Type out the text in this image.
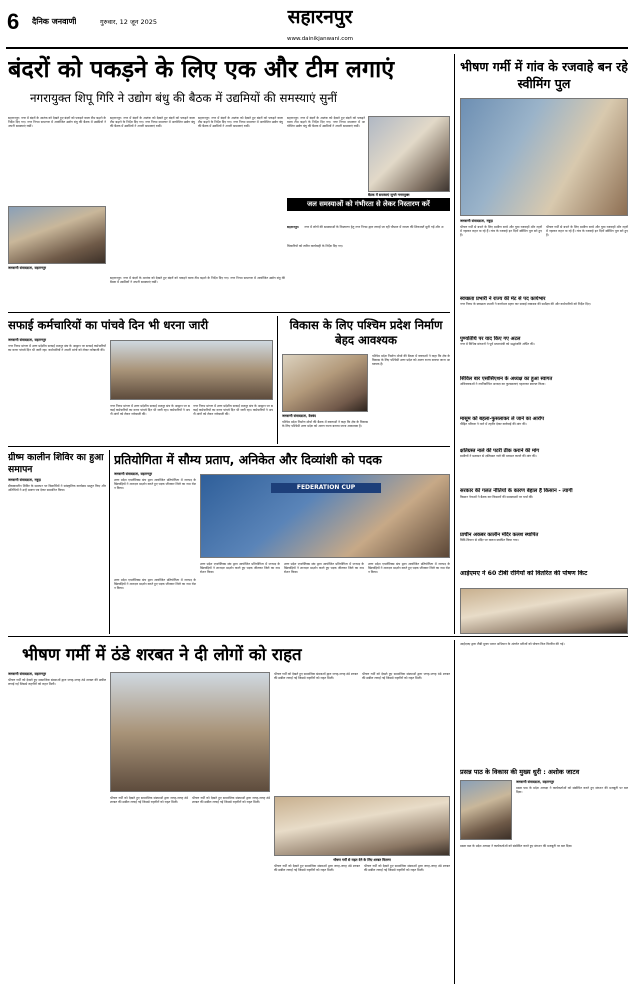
6 दैनिक जनवाणी	गुरुवार, 12 जून 2025	सहारनपुर
www.dainikjanwani.com
बंदरों को पकड़ने के लिए एक और टीम लगाएं
नगरायुक्त शिपू गिरि ने उद्योग बंधु की बैठक में उद्यमियों की समस्याएं सुनीं
सहारनपुर: नगर में बंदरों के आतंक को देखते हुए बंदरों को पकड़ने वाला टीम बढ़ाने के निर्देश दिए गए। नगर निगम सभागार में आयोजित उद्योग बंधु की बैठक में उद्यमियों ने अपनी समस्याएं रखीं।
जनवाणी संवाददाता, सहारनपुर
सहारनपुर: नगर में बंदरों के आतंक को देखते हुए बंदरों को पकड़ने वाला टीम बढ़ाने के निर्देश दिए गए। नगर निगम सभागार में आयोजित उद्योग बंधु की बैठक में उद्यमियों ने अपनी समस्याएं रखीं।
सहारनपुर: नगर में बंदरों के आतंक को देखते हुए बंदरों को पकड़ने वाला टीम बढ़ाने के निर्देश दिए गए। नगर निगम सभागार में आयोजित उद्योग बंधु की बैठक में उद्यमियों ने अपनी समस्याएं रखीं।
सहारनपुर: नगर में बंदरों के आतंक को देखते हुए बंदरों को पकड़ने वाला टीम बढ़ाने के निर्देश दिए गए। नगर निगम सभागार में आयोजित उद्योग बंधु की बैठक में उद्यमियों ने अपनी समस्याएं रखीं।
बैठक में समस्याएं सुनते नगरायुक्त
जल समस्याओं को गंभीरता से लेकर निस्तारण करें
सहारनपुर: नगर में लोगों की समस्याओं के निस्तारण हेतु नगर निगम द्वारा लगाई जा रही चौपाल में जनता की शिकायतें सुनी गईं और अधिकारियों को त्वरित कार्यवाही के निर्देश दिए गए।
सहारनपुर: नगर में बंदरों के आतंक को देखते हुए बंदरों को पकड़ने वाला टीम बढ़ाने के निर्देश दिए गए। नगर निगम सभागार में आयोजित उद्योग बंधु की बैठक में उद्यमियों ने अपनी समस्याएं रखीं।
भीषण गर्मी में गांव के रजवाहे बन रहे स्वीमिंग पुल
जनवाणी संवाददाता, नकुड़
भीषण गर्मी से बचने के लिए ग्रामीण बच्चे और युवा रजवाहों और नहरों में नहाकर राहत पा रहे हैं। गांव के रजवाहे इन दिनों स्वीमिंग पूल बने हुए हैं।
भीषण गर्मी से बचने के लिए ग्रामीण बच्चे और युवा रजवाहों और नहरों में नहाकर राहत पा रहे हैं। गांव के रजवाहे इन दिनों स्वीमिंग पूल बने हुए हैं।
स्वच्छता प्रभारी ने राज्य की मेट से पद कार्यभार
नगर निगम के स्वच्छता प्रभारी ने कार्यभार ग्रहण कर सफाई व्यवस्था की समीक्षा की और कर्मचारियों को निर्देश दिए।
पुण्यतिथि पर याद किए गए अटल
नगर में विभिन्न संगठनों ने पूर्व प्रधानमंत्री को श्रद्धांजलि अर्पित की।
सिविल बार एसोसिएशन के अध्यक्ष का हुआ स्वागत
अधिवक्ताओं ने नवनिर्वाचित अध्यक्ष का फूलमालाएं पहनाकर स्वागत किया।
मासूम को बहला-फुसलाकर ले जाने का आरोप
पीड़ित परिवार ने थाने में तहरीर देकर कार्रवाई की मांग की।
क्षतिग्रस्त नाले की पटरी ठीक कराने की मांग
ग्रामीणों ने प्रशासन से क्षतिग्रस्त नाले की मरम्मत कराने की मांग की।
सरकार की गलत नीतियों के कारण बेहाल हैं किसान - त्यागी
किसान नेताओं ने बैठक कर किसानों की समस्याओं पर चर्चा की।
प्राचीन अकबर कालीन मंदिर कलश स्थापित
विधि-विधान से मंदिर पर कलश स्थापित किया गया।
आईएमए ने 60 टीबी रोगियों को वितरित की पोषण किट
सफाई कर्मचारियों का पांचवे दिन भी धरना जारी
जनवाणी संवाददाता, सहारनपुर
नगर निगम प्रांगण में उत्तर प्रदेशीय सफाई मजदूर संघ के आह्वान पर सफाई कर्मचारियों का धरना पांचवे दिन भी जारी रहा। कर्मचारियों ने अपनी मांगों को लेकर नारेबाजी की।
नगर निगम प्रांगण में उत्तर प्रदेशीय सफाई मजदूर संघ के आह्वान पर सफाई कर्मचारियों का धरना पांचवे दिन भी जारी रहा। कर्मचारियों ने अपनी मांगों को लेकर नारेबाजी की।
नगर निगम प्रांगण में उत्तर प्रदेशीय सफाई मजदूर संघ के आह्वान पर सफाई कर्मचारियों का धरना पांचवे दिन भी जारी रहा। कर्मचारियों ने अपनी मांगों को लेकर नारेबाजी की।
विकास के लिए पश्चिम प्रदेश निर्माण बेहद आवश्यक
जनवाणी संवाददाता, देवबंद
पश्चिम प्रदेश निर्माण मोर्चा की बैठक में वक्ताओं ने कहा कि क्षेत्र के विकास के लिए पश्चिमी उत्तर प्रदेश को अलग राज्य बनाया जाना आवश्यक है।
पश्चिम प्रदेश निर्माण मोर्चा की बैठक में वक्ताओं ने कहा कि क्षेत्र के विकास के लिए पश्चिमी उत्तर प्रदेश को अलग राज्य बनाया जाना आवश्यक है।
ग्रीष्म कालीन शिविर का हुआ समापन
जनवाणी संवाददाता, नकुड़
ग्रीष्मकालीन शिविर के समापन पर विद्यार्थियों ने सांस्कृतिक कार्यक्रम प्रस्तुत किए और अतिथियों ने उन्हें प्रमाण पत्र देकर सम्मानित किया।
प्रतियोगिता में सौम्य प्रताप, अनिकेत और दिव्यांशी को पदक
जनवाणी संवाददाता, सहारनपुर
उत्तर प्रदेश एथलेटिक्स संघ द्वारा आयोजित प्रतियोगिता में जनपद के खिलाड़ियों ने शानदार प्रदर्शन करते हुए पदक जीतकर जिले का नाम रोशन किया।	FEDERATION CUP
उत्तर प्रदेश एथलेटिक्स संघ द्वारा आयोजित प्रतियोगिता में जनपद के खिलाड़ियों ने शानदार प्रदर्शन करते हुए पदक जीतकर जिले का नाम रोशन किया।
उत्तर प्रदेश एथलेटिक्स संघ द्वारा आयोजित प्रतियोगिता में जनपद के खिलाड़ियों ने शानदार प्रदर्शन करते हुए पदक जीतकर जिले का नाम रोशन किया।
उत्तर प्रदेश एथलेटिक्स संघ द्वारा आयोजित प्रतियोगिता में जनपद के खिलाड़ियों ने शानदार प्रदर्शन करते हुए पदक जीतकर जिले का नाम रोशन किया।
उत्तर प्रदेश एथलेटिक्स संघ द्वारा आयोजित प्रतियोगिता में जनपद के खिलाड़ियों ने शानदार प्रदर्शन करते हुए पदक जीतकर जिले का नाम रोशन किया।
भीषण गर्मी में ठंडे शरबत ने दी लोगों को राहत
जनवाणी संवाददाता, सहारनपुर
भीषण गर्मी को देखते हुए सामाजिक संस्थाओं द्वारा जगह-जगह ठंडे शरबत की छबील लगाई गई जिससे राहगीरों को राहत मिली।
भीषण गर्मी को देखते हुए सामाजिक संस्थाओं द्वारा जगह-जगह ठंडे शरबत की छबील लगाई गई जिससे राहगीरों को राहत मिली।
भीषण गर्मी को देखते हुए सामाजिक संस्थाओं द्वारा जगह-जगह ठंडे शरबत की छबील लगाई गई जिससे राहगीरों को राहत मिली।
भीषण गर्मी को देखते हुए सामाजिक संस्थाओं द्वारा जगह-जगह ठंडे शरबत की छबील लगाई गई जिससे राहगीरों को राहत मिली।
भीषण गर्मी को देखते हुए सामाजिक संस्थाओं द्वारा जगह-जगह ठंडे शरबत की छबील लगाई गई जिससे राहगीरों को राहत मिली।
भीषण गर्मी से राहत देने के लिए शरबत वितरण
भीषण गर्मी को देखते हुए सामाजिक संस्थाओं द्वारा जगह-जगह ठंडे शरबत की छबील लगाई गई जिससे राहगीरों को राहत मिली।
भीषण गर्मी को देखते हुए सामाजिक संस्थाओं द्वारा जगह-जगह ठंडे शरबत की छबील लगाई गई जिससे राहगीरों को राहत मिली।
आईएमए द्वारा टीबी मुक्त भारत अभियान के अंतर्गत मरीजों को पोषण किट वितरित की गई।
प्रसन्न पाठ के विकास की मुख्य धुरी : अशोक जाटव
जनवाणी संवाददाता, सहारनपुर
प्रसन्न पाठ के प्रदेश अध्यक्ष ने कार्यकर्ताओं को संबोधित करते हुए संगठन की मजबूती पर बल दिया।
प्रसन्न पाठ के प्रदेश अध्यक्ष ने कार्यकर्ताओं को संबोधित करते हुए संगठन की मजबूती पर बल दिया।
